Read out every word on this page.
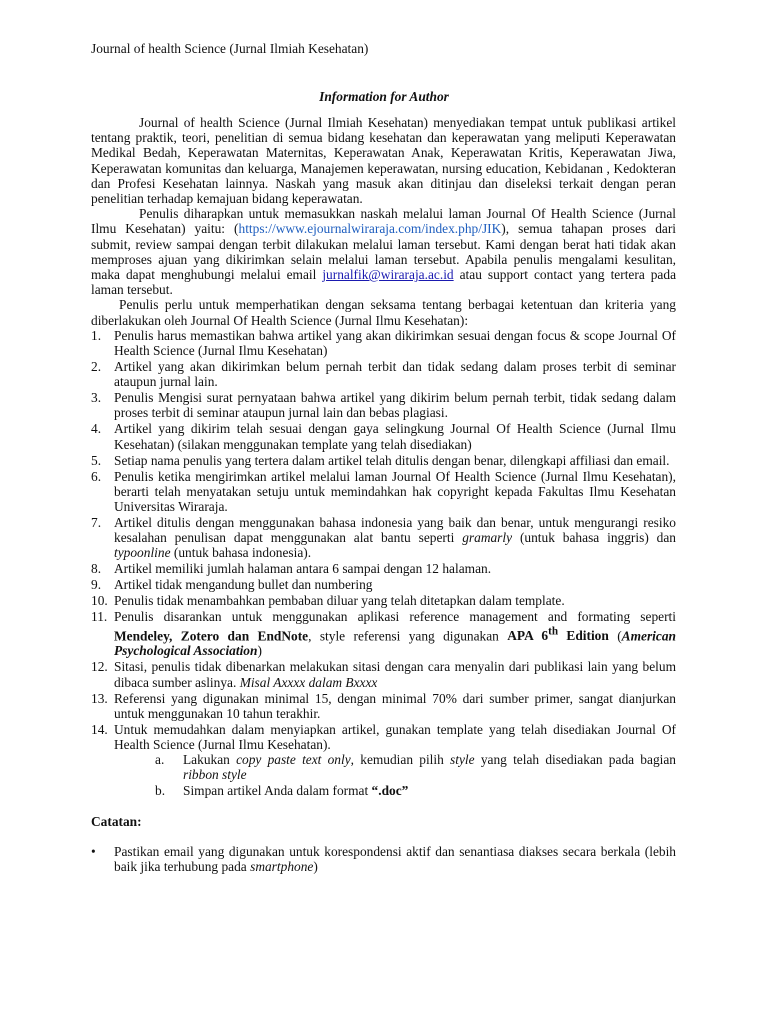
Journal of health Science (Jurnal Ilmiah Kesehatan)
Information for Author

Journal of health Science (Jurnal Ilmiah Kesehatan) menyediakan tempat untuk publikasi artikel tentang praktik, teori, penelitian di semua bidang kesehatan dan keperawatan yang meliputi Keperawatan Medikal Bedah, Keperawatan Maternitas, Keperawatan Anak, Keperawatan Kritis, Keperawatan Jiwa, Keperawatan komunitas dan keluarga, Manajemen keperawatan, nursing education, Kebidanan , Kedokteran dan Profesi Kesehatan lainnya. Naskah yang masuk akan ditinjau dan diseleksi terkait dengan peran penelitian terhadap kemajuan bidang keperawatan.

Penulis diharapkan untuk memasukkan naskah melalui laman Journal Of Health Science (Jurnal Ilmu Kesehatan) yaitu: (https://www.ejournalwiraraja.com/index.php/JIK), semua tahapan proses dari submit, review sampai dengan terbit dilakukan melalui laman tersebut. Kami dengan berat hati tidak akan memproses ajuan yang dikirimkan selain melalui laman tersebut. Apabila penulis mengalami kesulitan, maka dapat menghubungi melalui email jurnalfik@wiraraja.ac.id atau support contact yang tertera pada laman tersebut.

Penulis perlu untuk memperhatikan dengan seksama tentang berbagai ketentuan dan kriteria yang diberlakukan oleh Journal Of Health Science (Jurnal Ilmu Kesehatan):

1. Penulis harus memastikan bahwa artikel yang akan dikirimkan sesuai dengan focus & scope Journal Of Health Science (Jurnal Ilmu Kesehatan)
2. Artikel yang akan dikirimkan belum pernah terbit dan tidak sedang dalam proses terbit di seminar ataupun jurnal lain.
3. Penulis Mengisi surat pernyataan bahwa artikel yang dikirim belum pernah terbit, tidak sedang dalam proses terbit di seminar ataupun jurnal lain dan bebas plagiasi.
4. Artikel yang dikirim telah sesuai dengan gaya selingkung Journal Of Health Science (Jurnal Ilmu Kesehatan) (silakan menggunakan template yang telah disediakan)
5. Setiap nama penulis yang tertera dalam artikel telah ditulis dengan benar, dilengkapi affiliasi dan email.
6. Penulis ketika mengirimkan artikel melalui laman Journal Of Health Science (Jurnal Ilmu Kesehatan), berarti telah menyatakan setuju untuk memindahkan hak copyright kepada Fakultas Ilmu Kesehatan Universitas Wiraraja.
7. Artikel ditulis dengan menggunakan bahasa indonesia yang baik dan benar, untuk mengurangi resiko kesalahan penulisan dapat menggunakan alat bantu seperti gramarly (untuk bahasa inggris) dan typoonline (untuk bahasa indonesia).
8. Artikel memiliki jumlah halaman antara 6 sampai dengan 12 halaman.
9. Artikel tidak mengandung bullet dan numbering
10. Penulis tidak menambahkan pembaban diluar yang telah ditetapkan dalam template.
11. Penulis disarankan untuk menggunakan aplikasi reference management and formating seperti Mendeley, Zotero dan EndNote, style referensi yang digunakan APA 6th Edition (American Psychological Association)
12. Sitasi, penulis tidak dibenarkan melakukan sitasi dengan cara menyalin dari publikasi lain yang belum dibaca sumber aslinya. Misal Axxxx dalam Bxxxx
13. Referensi yang digunakan minimal 15, dengan minimal 70% dari sumber primer, sangat dianjurkan untuk menggunakan 10 tahun terakhir.
14. Untuk memudahkan dalam menyiapkan artikel, gunakan template yang telah disediakan Journal Of Health Science (Jurnal Ilmu Kesehatan).
a. Lakukan copy paste text only, kemudian pilih style yang telah disediakan pada bagian ribbon style
b. Simpan artikel Anda dalam format “.doc”

Catatan:

• Pastikan email yang digunakan untuk korespondensi aktif dan senantiasa diakses secara berkala (lebih baik jika terhubung pada smartphone)
